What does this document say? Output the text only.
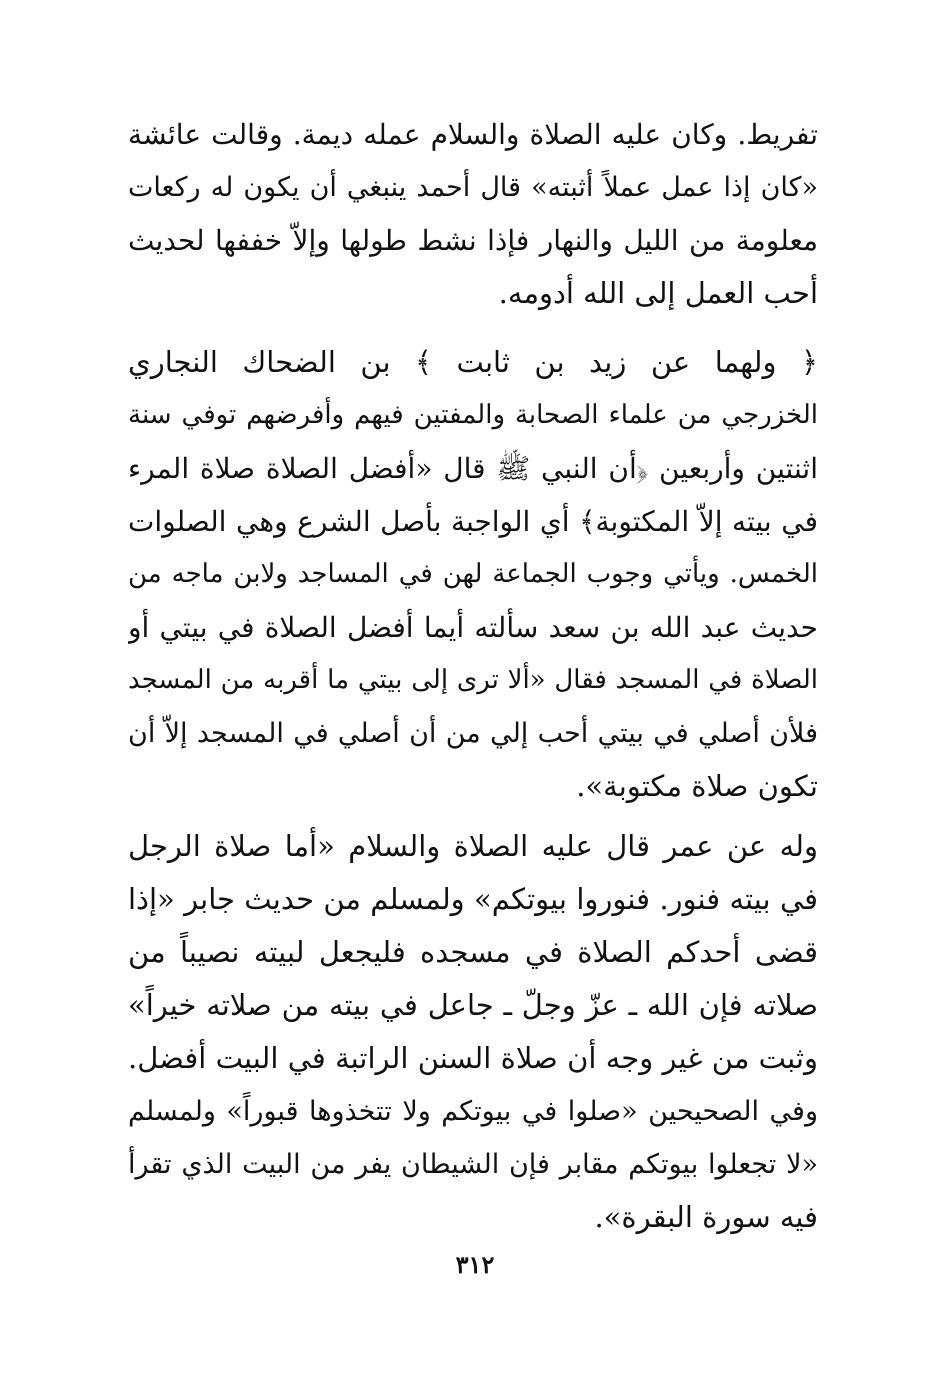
تفريط. وكان عليه الصلاة والسلام عمله ديمة. وقالت عائشة
«كان إذا عمل عملاً أثبته» قال أحمد ينبغي أن يكون له ركعات
معلومة من الليل والنهار فإذا نشط طولها وإلاّ خففها لحديث
أحب العمل إلى الله أدومه.
﴿ ولهما عن زيد بن ثابت ﴾ بن الضحاك النجاري
الخزرجي من علماء الصحابة والمفتين فيهم وأفرضهم توفي سنة
اثنتين وأربعين ﴿أن النبي ﷺ قال «أفضل الصلاة صلاة المرء
في بيته إلاّ المكتوبة﴾ أي الواجبة بأصل الشرع وهي الصلوات
الخمس. ويأتي وجوب الجماعة لهن في المساجد ولابن ماجه من
حديث عبد الله بن سعد سألته أيما أفضل الصلاة في بيتي أو
الصلاة في المسجد فقال «ألا ترى إلى بيتي ما أقربه من المسجد
فلأن أصلي في بيتي أحب إلي من أن أصلي في المسجد إلاّ أن
تكون صلاة مكتوبة».
وله عن عمر قال عليه الصلاة والسلام «أما صلاة الرجل
في بيته فنور. فنوروا بيوتكم» ولمسلم من حديث جابر «إذا
قضى أحدكم الصلاة في مسجده فليجعل لبيته نصيباً من
صلاته فإن الله ـ عزّ وجلّ ـ جاعل في بيته من صلاته خيراً»
وثبت من غير وجه أن صلاة السنن الراتبة في البيت أفضل.
وفي الصحيحين «صلوا في بيوتكم ولا تتخذوها قبوراً» ولمسلم
«لا تجعلوا بيوتكم مقابر فإن الشيطان يفر من البيت الذي تقرأ
فيه سورة البقرة».
٣١٢
